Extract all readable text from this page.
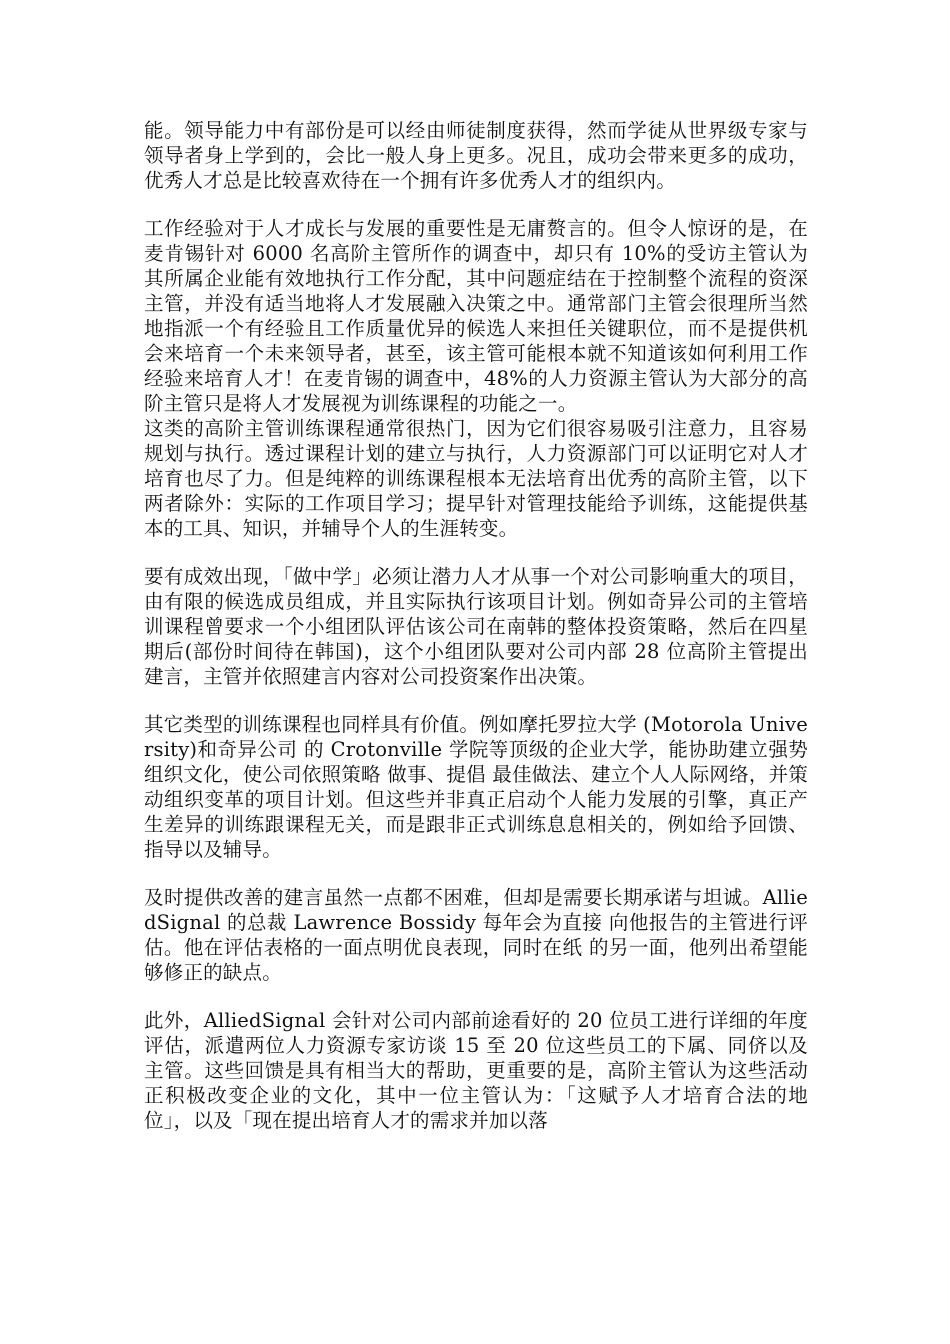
能。领导能力中有部份是可以经由师徒制度获得，然而学徒从世界级专家与领导者身上学到的，会比一般人身上更多。况且，成功会带来更多的成功，优秀人才总是比较喜欢待在一个拥有许多优秀人才的组织内。

工作经验对于人才成长与发展的重要性是无庸赘言的。但令人惊讶的是，在麦肯锡针对 6000 名高阶主管所作的调查中，却只有 10%的受访主管认为其所属企业能有效地执行工作分配，其中问题症结在于控制整个流程的资深主管，并没有适当地将人才发展融入决策之中。通常部门主管会很理所当然地指派一个有经验且工作质量优异的候选人来担任关键职位，而不是提供机会来培育一个未来领导者，甚至，该主管可能根本就不知道该如何利用工作经验来培育人才！在麦肯锡的调查中，48%的人力资源主管认为大部分的高阶主管只是将人才发展视为训练课程的功能之一。

这类的高阶主管训练课程通常很热门，因为它们很容易吸引注意力，且容易规划与执行。透过课程计划的建立与执行，人力资源部门可以证明它对人才培育也尽了力。但是纯粹的训练课程根本无法培育出优秀的高阶主管，以下两者除外：实际的工作项目学习；提早针对管理技能给予训练，这能提供基本的工具、知识，并辅导个人的生涯转变。

要有成效出现，「做中学」必须让潜力人才从事一个对公司影响重大的项目，由有限的候选成员组成，并且实际执行该项目计划。例如奇异公司的主管培训课程曾要求一个小组团队评估该公司在南韩的整体投资策略，然后在四星期后(部份时间待在韩国)，这个小组团队要对公司内部 28 位高阶主管提出建言，主管并依照建言内容对公司投资案作出决策。

其它类型的训练课程也同样具有价值。例如摩托罗拉大学 (Motorola University)和奇异公司 的 Crotonville 学院等顶级的企业大学，能协助建立强势组织文化，使公司依照策略 做事、提倡 最佳做法、建立个人人际网络，并策动组织变革的项目计划。但这些并非真正启动个人能力发展的引擎，真正产生差异的训练跟课程无关，而是跟非正式训练息息相关的，例如给予回馈、指导以及辅导。

及时提供改善的建言虽然一点都不困难，但却是需要长期承诺与坦诚。AlliedSignal 的总裁 Lawrence Bossidy 每年会为直接 向他报告的主管进行评估。他在评估表格的一面点明优良表现，同时在纸 的另一面，他列出希望能够修正的缺点。

此外，AlliedSignal 会针对公司内部前途看好的 20 位员工进行详细的年度评估，派遣两位人力资源专家访谈 15 至 20 位这些员工的下属、同侪以及主管。这些回馈是具有相当大的帮助，更重要的是，高阶主管认为这些活动正积极改变企业的文化，其中一位主管认为：「这赋予人才培育合法的地位」，以及「现在提出培育人才的需求并加以落
